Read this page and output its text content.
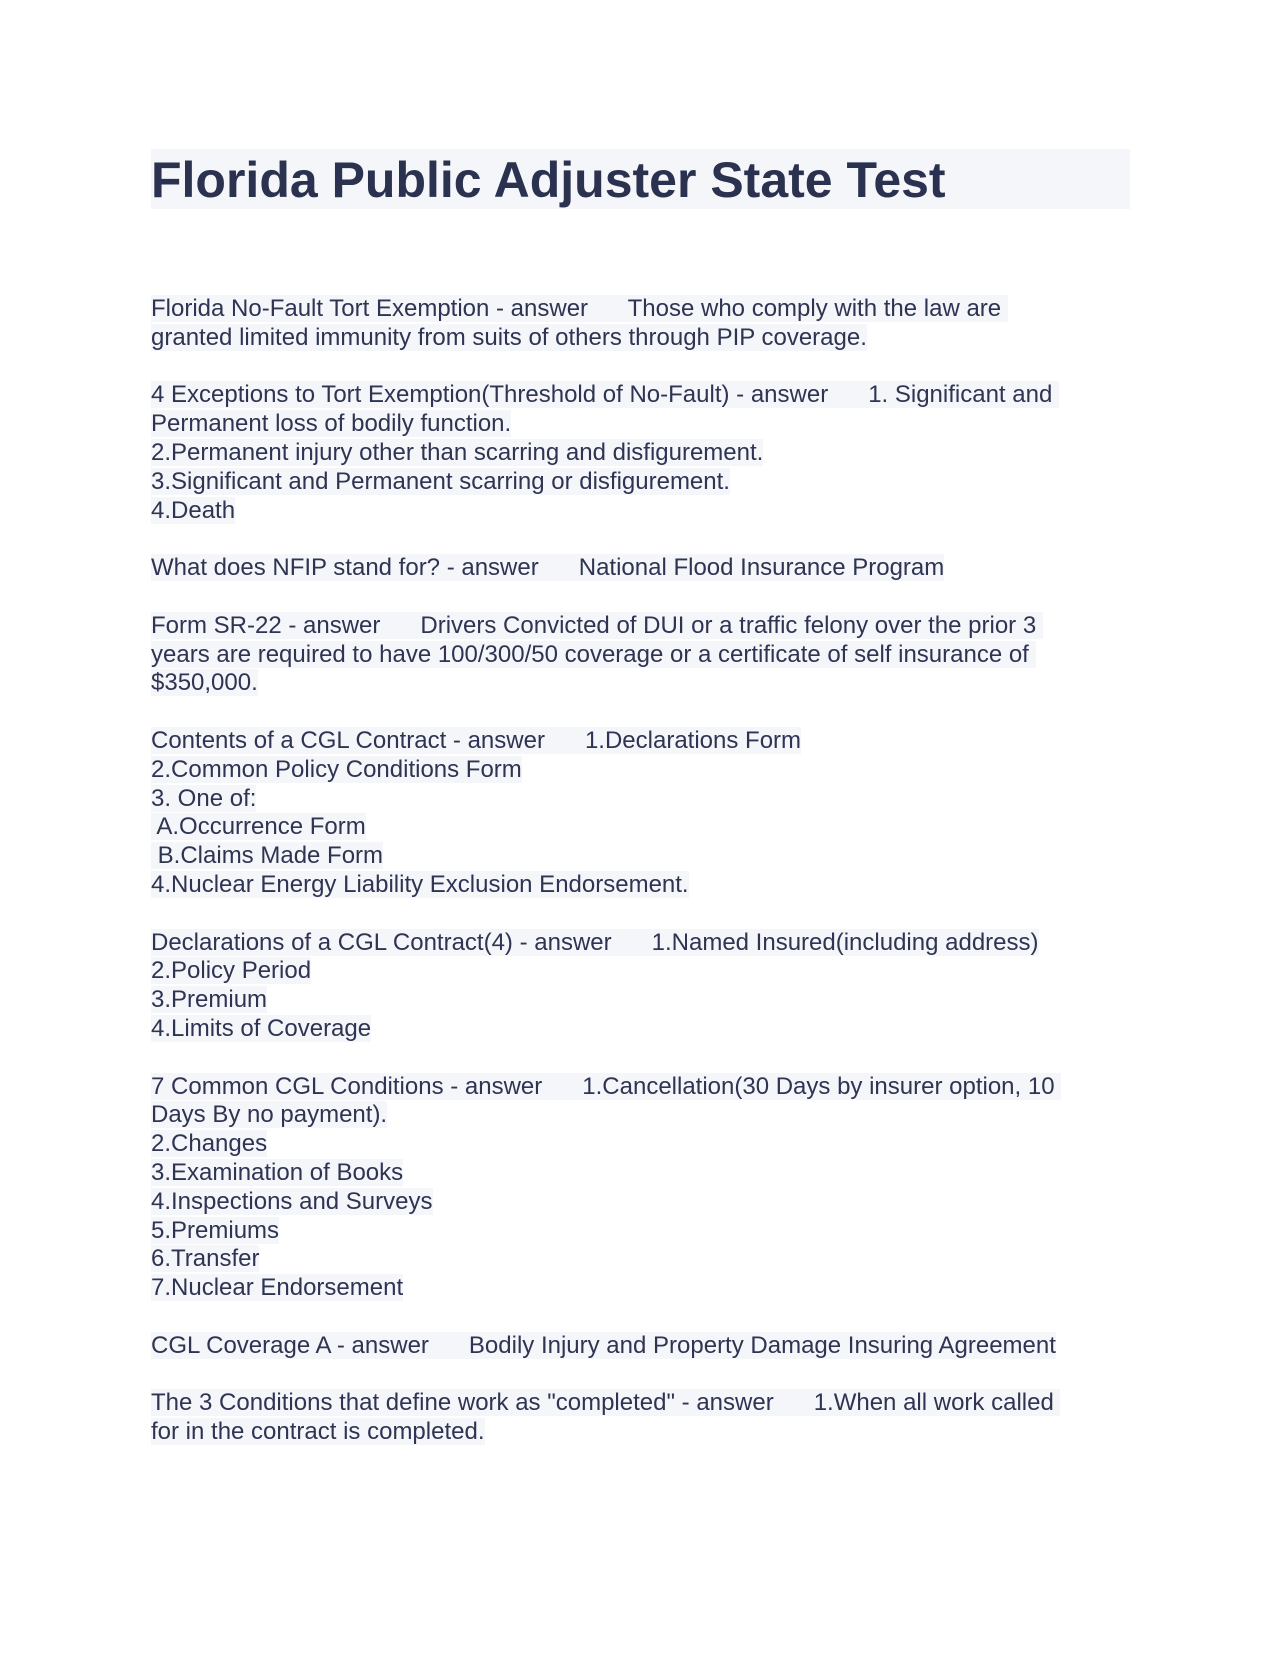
Florida Public Adjuster State Test
Florida No-Fault Tort Exemption - answer      Those who comply with the law are
granted limited immunity from suits of others through PIP coverage.
4 Exceptions to Tort Exemption(Threshold of No-Fault) - answer      1. Significant and
Permanent loss of bodily function.
2.Permanent injury other than scarring and disfigurement.
3.Significant and Permanent scarring or disfigurement.
4.Death
What does NFIP stand for? - answer      National Flood Insurance Program
Form SR-22 - answer      Drivers Convicted of DUI or a traffic felony over the prior 3
years are required to have 100/300/50 coverage or a certificate of self insurance of
$350,000.
Contents of a CGL Contract - answer      1.Declarations Form
2.Common Policy Conditions Form
3. One of:
A.Occurrence Form
B.Claims Made Form
4.Nuclear Energy Liability Exclusion Endorsement.
Declarations of a CGL Contract(4) - answer      1.Named Insured(including address)
2.Policy Period
3.Premium
4.Limits of Coverage
7 Common CGL Conditions - answer      1.Cancellation(30 Days by insurer option, 10
Days By no payment).
2.Changes
3.Examination of Books
4.Inspections and Surveys
5.Premiums
6.Transfer
7.Nuclear Endorsement
CGL Coverage A - answer      Bodily Injury and Property Damage Insuring Agreement
The 3 Conditions that define work as "completed" - answer      1.When all work called
for in the contract is completed.
